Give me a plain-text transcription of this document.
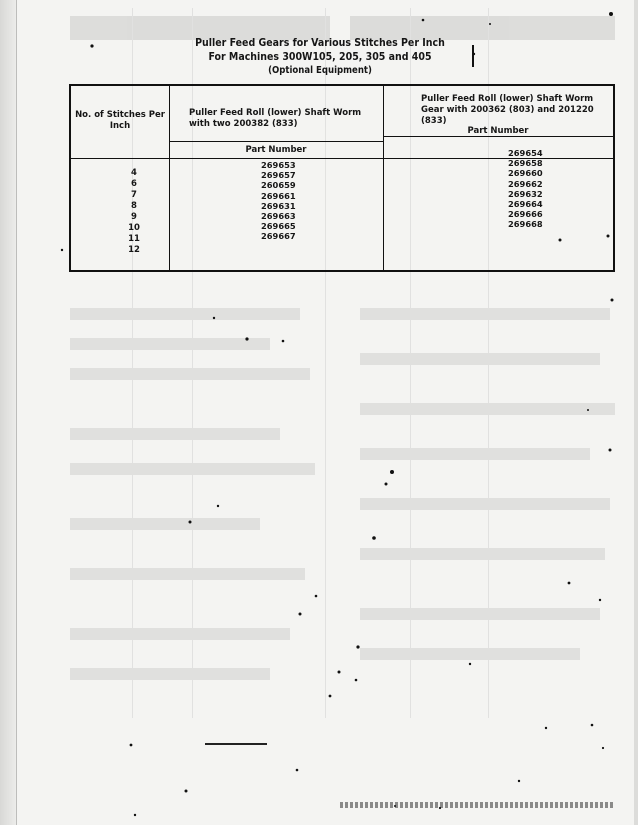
Puller Feed Gears for Various Stitches Per Inch
For Machines 300W105, 205, 305 and 405
(Optional Equipment)
No. of Stitches Per Inch
Puller Feed Roll (lower) Shaft Worm with two 200382 (833)
Part Number
Puller Feed Roll (lower) Shaft Worm Gear with 200362 (803) and 201220 (833)
Part Number
4
6
7
8
9
10
11
12
269653
269657
260659
269661
269631
269663
269665
269667
269654
269658
269660
269662
269632
269664
269666
269668
